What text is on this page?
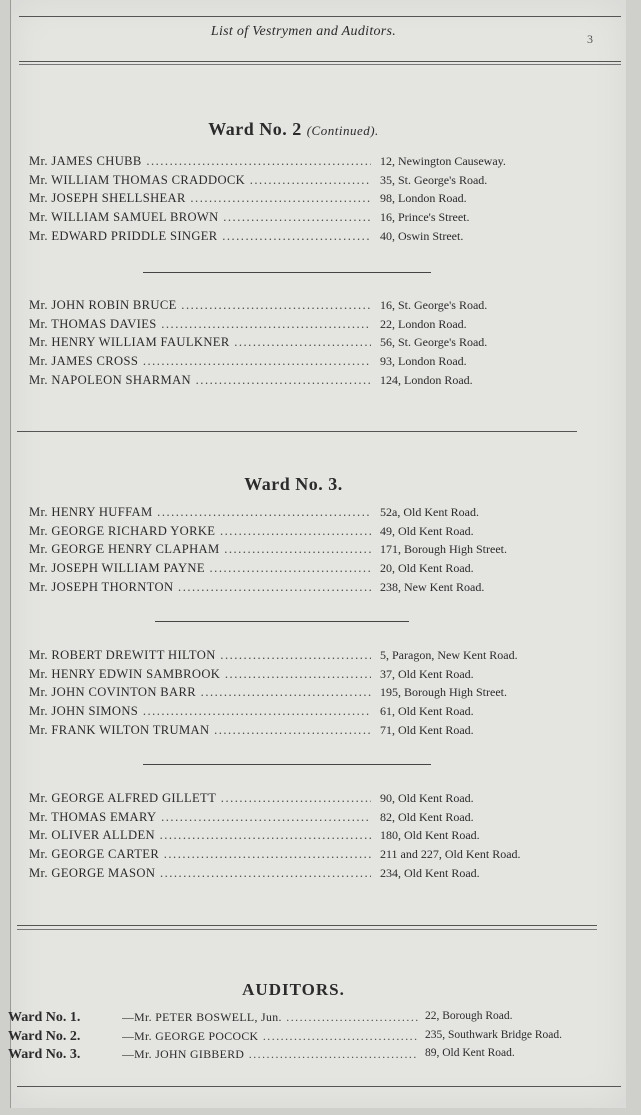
List of Vestrymen and Auditors.	3
Ward No. 2 (Continued).
Mr. JAMES CHUBB .....	12, Newington Causeway.
Mr. WILLIAM THOMAS CRADDOCK .....	35, St. George's Road.
Mr. JOSEPH SHELLSHEAR .....	98, London Road.
Mr. WILLIAM SAMUEL BROWN .....	16, Prince's Street.
Mr. EDWARD PRIDDLE SINGER .....	40, Oswin Street.
Mr. JOHN ROBIN BRUCE .....	16, St. George's Road.
Mr. THOMAS DAVIES .....	22, London Road.
Mr. HENRY WILLIAM FAULKNER .....	56, St. George's Road.
Mr. JAMES CROSS .....	93, London Road.
Mr. NAPOLEON SHARMAN .....	124, London Road.
Ward No. 3.
Mr. HENRY HUFFAM .....	52a, Old Kent Road.
Mr. GEORGE RICHARD YORKE .....	49, Old Kent Road.
Mr. GEORGE HENRY CLAPHAM .....	171, Borough High Street.
Mr. JOSEPH WILLIAM PAYNE .....	20, Old Kent Road.
Mr. JOSEPH THORNTON .....	238, New Kent Road.
Mr. ROBERT DREWITT HILTON .....	5, Paragon, New Kent Road.
Mr. HENRY EDWIN SAMBROOK .....	37, Old Kent Road.
Mr. JOHN COVINTON BARR .....	195, Borough High Street.
Mr. JOHN SIMONS .....	61, Old Kent Road.
Mr. FRANK WILTON TRUMAN .....	71, Old Kent Road.
Mr. GEORGE ALFRED GILLETT .....	90, Old Kent Road.
Mr. THOMAS EMARY .....	82, Old Kent Road.
Mr. OLIVER ALLDEN .....	180, Old Kent Road.
Mr. GEORGE CARTER .....	211 and 227, Old Kent Road.
Mr. GEORGE MASON .....	234, Old Kent Road.
AUDITORS.
Ward No. 1.	—Mr. PETER BOSWELL, Jun. .....	22, Borough Road.
Ward No. 2.	—Mr. GEORGE POCOCK .....	235, Southwark Bridge Road.
Ward No. 3.	—Mr. JOHN GIBBERD .....	89, Old Kent Road.
